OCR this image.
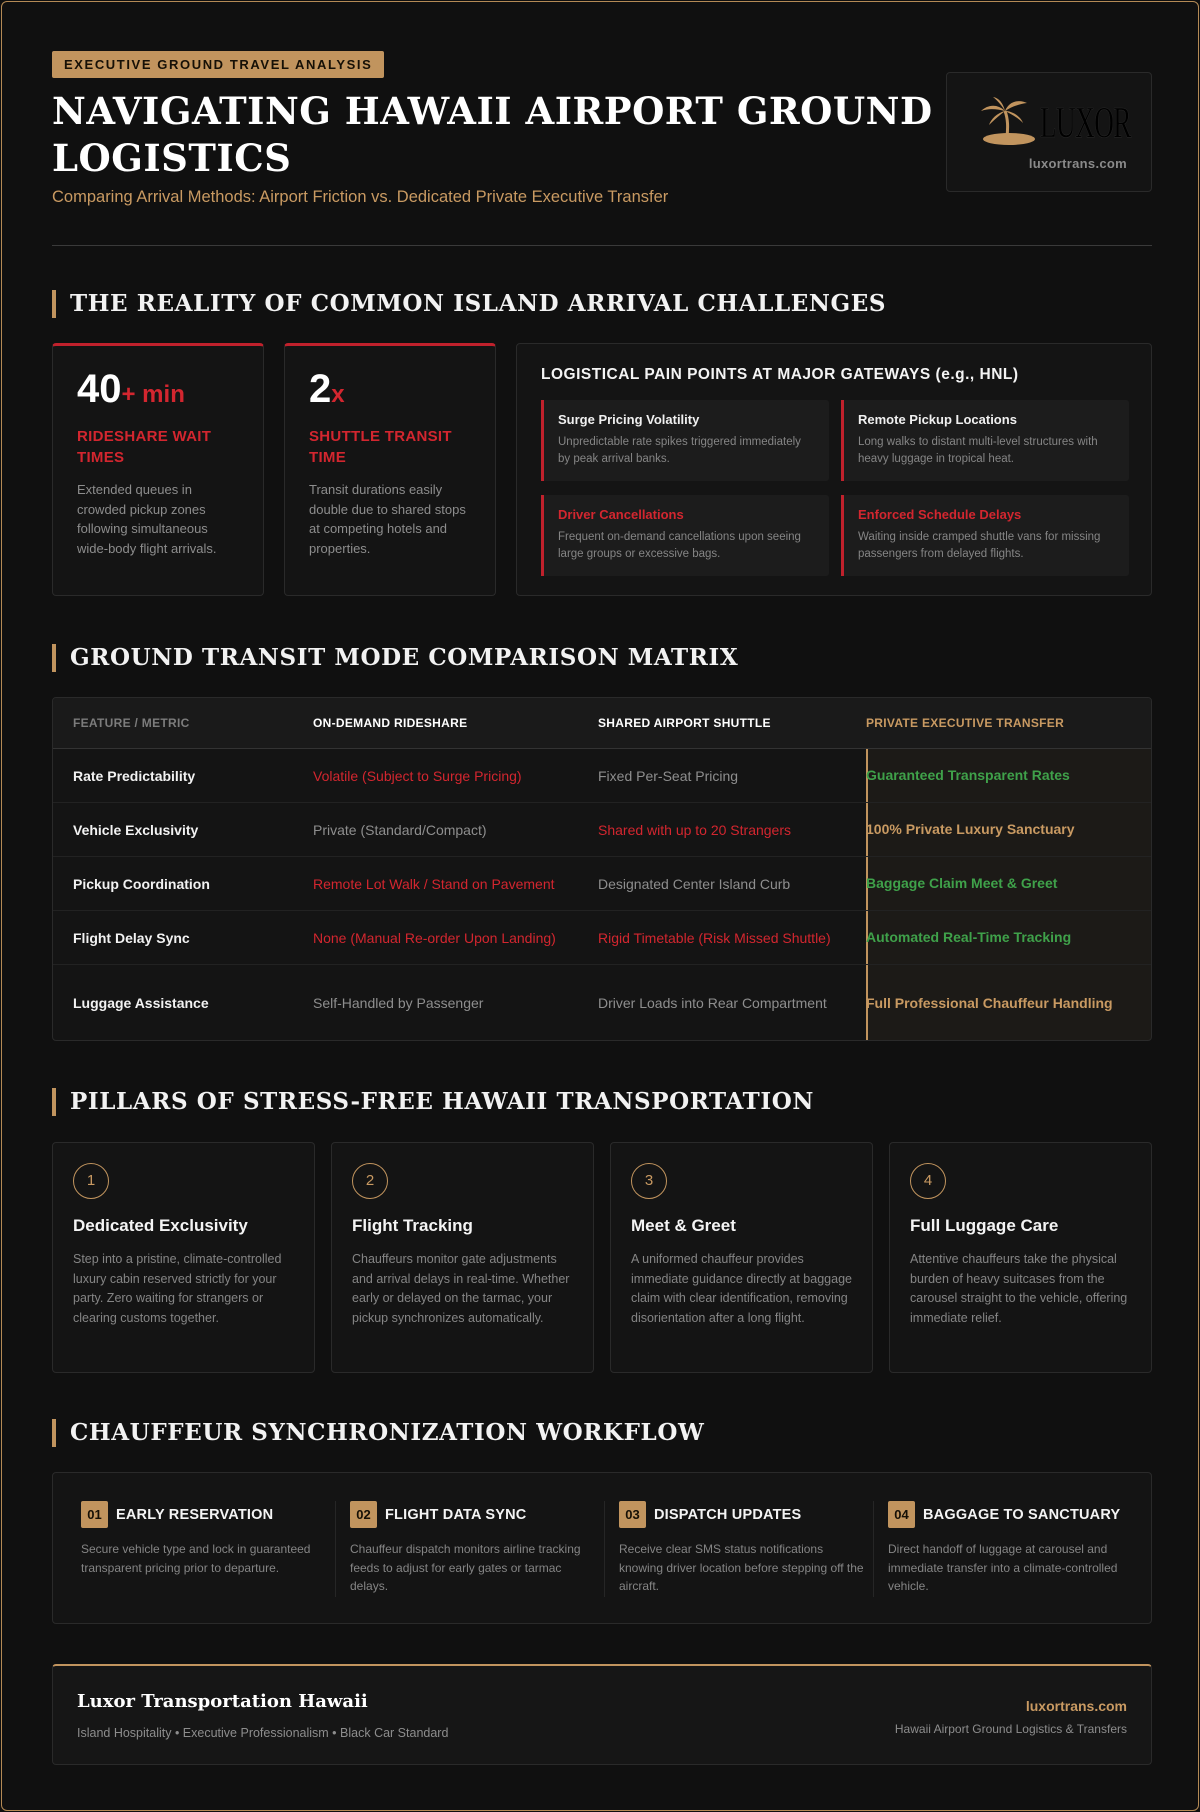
EXECUTIVE GROUND TRAVEL ANALYSIS
NAVIGATING HAWAII AIRPORT GROUND LOGISTICS
Comparing Arrival Methods: Airport Friction vs. Dedicated Private Executive Transfer
LUXOR
luxortrans.com
THE REALITY OF COMMON ISLAND ARRIVAL CHALLENGES
40+ min
RIDESHARE WAIT TIMES
Extended queues in crowded pickup zones following simultaneous wide-body flight arrivals.
2x
SHUTTLE TRANSIT TIME
Transit durations easily double due to shared stops at competing hotels and properties.
LOGISTICAL PAIN POINTS AT MAJOR GATEWAYS (e.g., HNL)
Surge Pricing Volatility
Unpredictable rate spikes triggered immediately by peak arrival banks.
Remote Pickup Locations
Long walks to distant multi-level structures with heavy luggage in tropical heat.
Driver Cancellations
Frequent on-demand cancellations upon seeing large groups or excessive bags.
Enforced Schedule Delays
Waiting inside cramped shuttle vans for missing passengers from delayed flights.
GROUND TRANSIT MODE COMPARISON MATRIX
FEATURE / METRIC	ON-DEMAND RIDESHARE	SHARED AIRPORT SHUTTLE	PRIVATE EXECUTIVE TRANSFER
Rate Predictability	Volatile (Subject to Surge Pricing)	Fixed Per-Seat Pricing	Guaranteed Transparent Rates
Vehicle Exclusivity	Private (Standard/Compact)	Shared with up to 20 Strangers	100% Private Luxury Sanctuary
Pickup Coordination	Remote Lot Walk / Stand on Pavement	Designated Center Island Curb	Baggage Claim Meet & Greet
Flight Delay Sync	None (Manual Re-order Upon Landing)	Rigid Timetable (Risk Missed Shuttle)	Automated Real-Time Tracking
Luggage Assistance	Self-Handled by Passenger	Driver Loads into Rear Compartment	Full Professional Chauffeur Handling
PILLARS OF STRESS-FREE HAWAII TRANSPORTATION
1
Dedicated Exclusivity
Step into a pristine, climate-controlled luxury cabin reserved strictly for your party. Zero waiting for strangers or clearing customs together.
2
Flight Tracking
Chauffeurs monitor gate adjustments and arrival delays in real-time. Whether early or delayed on the tarmac, your pickup synchronizes automatically.
3
Meet & Greet
A uniformed chauffeur provides immediate guidance directly at baggage claim with clear identification, removing disorientation after a long flight.
4
Full Luggage Care
Attentive chauffeurs take the physical burden of heavy suitcases from the carousel straight to the vehicle, offering immediate relief.
CHAUFFEUR SYNCHRONIZATION WORKFLOW
01 EARLY RESERVATION
Secure vehicle type and lock in guaranteed transparent pricing prior to departure.
02 FLIGHT DATA SYNC
Chauffeur dispatch monitors airline tracking feeds to adjust for early gates or tarmac delays.
03 DISPATCH UPDATES
Receive clear SMS status notifications knowing driver location before stepping off the aircraft.
04 BAGGAGE TO SANCTUARY
Direct handoff of luggage at carousel and immediate transfer into a climate-controlled vehicle.
Luxor Transportation Hawaii
Island Hospitality • Executive Professionalism • Black Car Standard
luxortrans.com
Hawaii Airport Ground Logistics & Transfers
